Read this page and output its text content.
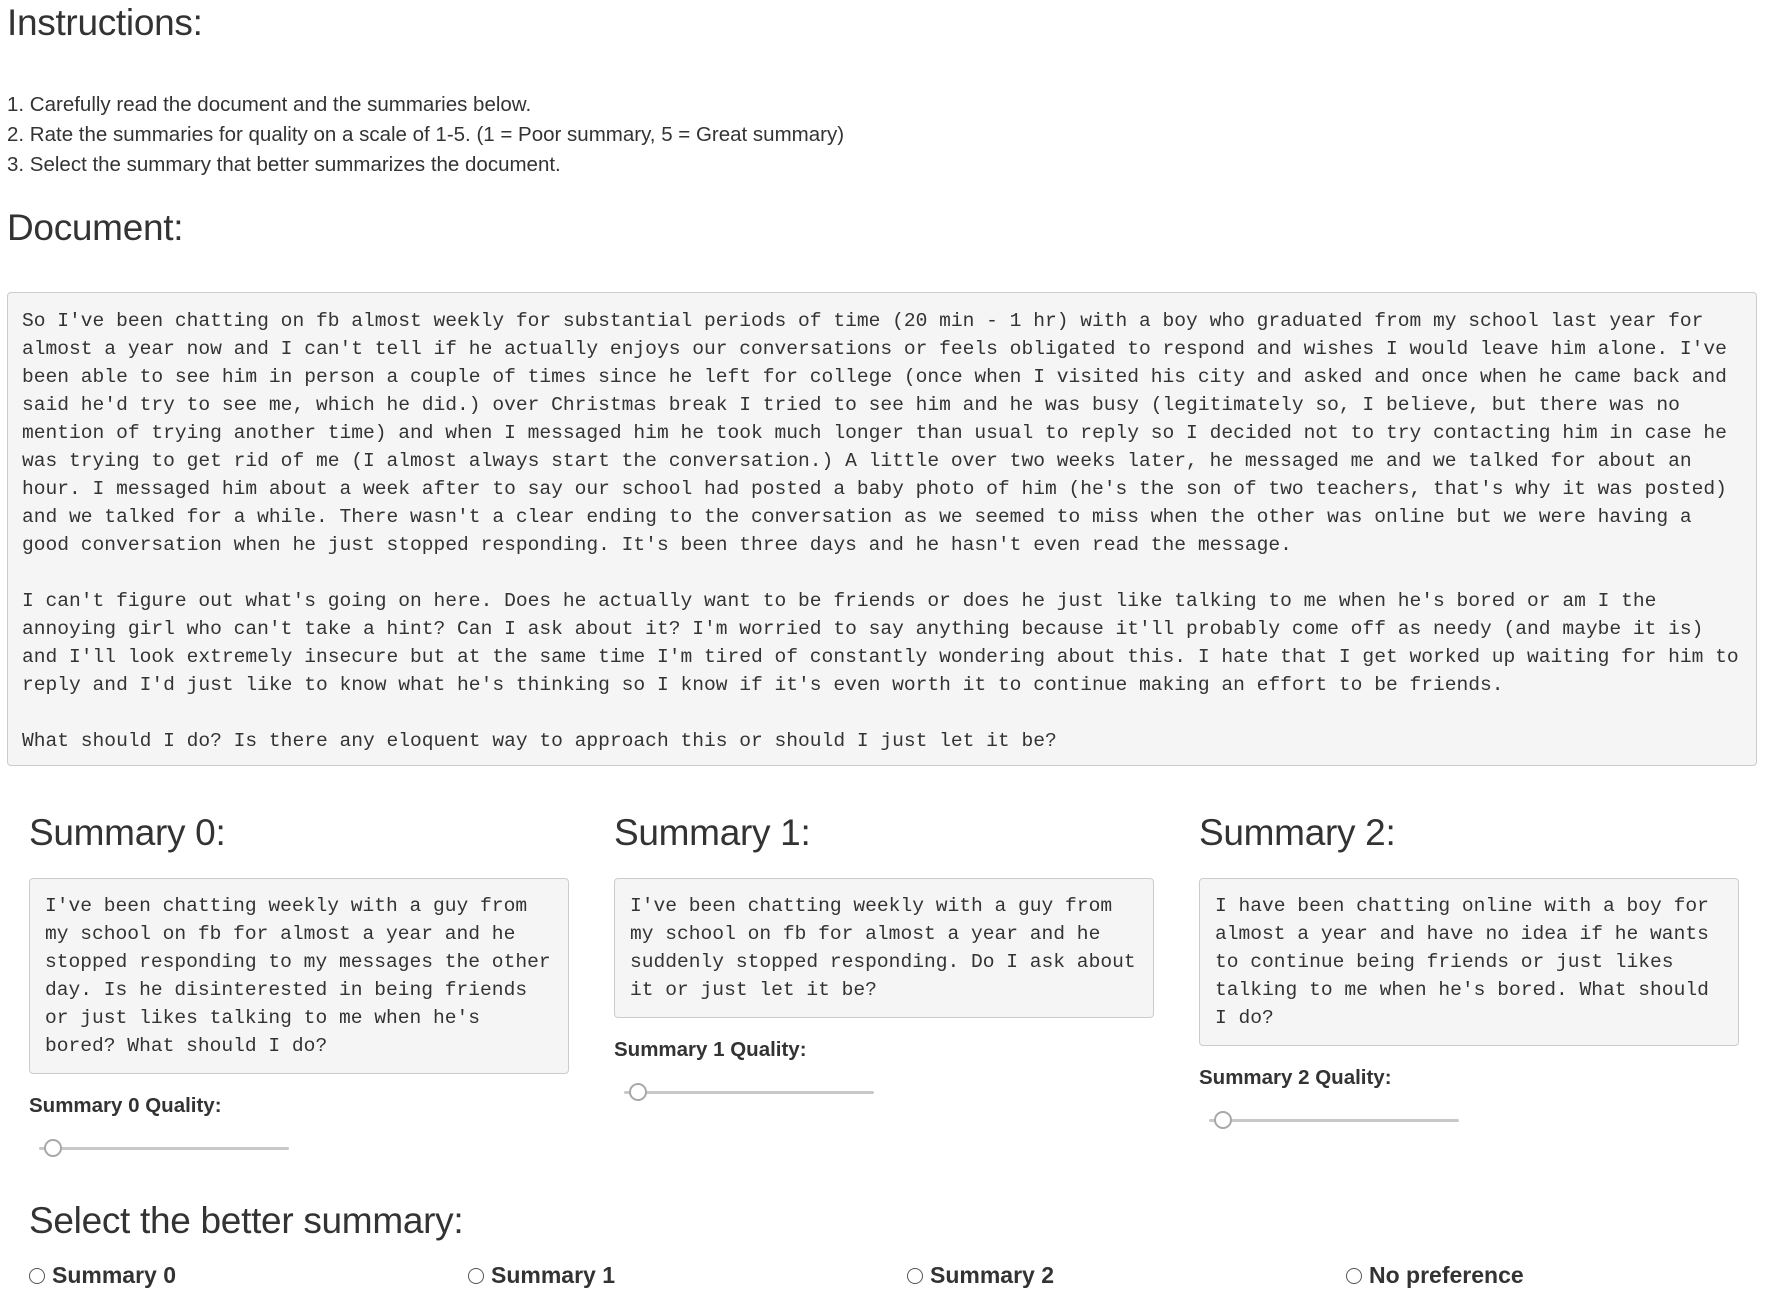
Instructions:
1. Carefully read the document and the summaries below.
2. Rate the summaries for quality on a scale of 1-5. (1 = Poor summary, 5 = Great summary)
3. Select the summary that better summarizes the document.
Document:
So I've been chatting on fb almost weekly for substantial periods of time (20 min - 1 hr) with a boy who graduated from my school last year for almost a year now and I can't tell if he actually enjoys our conversations or feels obligated to respond and wishes I would leave him alone. I've been able to see him in person a couple of times since he left for college (once when I visited his city and asked and once when he came back and said he'd try to see me, which he did.) over Christmas break I tried to see him and he was busy (legitimately so, I believe, but there was no mention of trying another time) and when I messaged him he took much longer than usual to reply so I decided not to try contacting him in case he was trying to get rid of me (I almost always start the conversation.) A little over two weeks later, he messaged me and we talked for about an hour. I messaged him about a week after to say our school had posted a baby photo of him (he's the son of two teachers, that's why it was posted) and we talked for a while. There wasn't a clear ending to the conversation as we seemed to miss when the other was online but we were having a good conversation when he just stopped responding. It's been three days and he hasn't even read the message.

I can't figure out what's going on here. Does he actually want to be friends or does he just like talking to me when he's bored or am I the annoying girl who can't take a hint? Can I ask about it? I'm worried to say anything because it'll probably come off as needy (and maybe it is) and I'll look extremely insecure but at the same time I'm tired of constantly wondering about this. I hate that I get worked up waiting for him to reply and I'd just like to know what he's thinking so I know if it's even worth it to continue making an effort to be friends.

What should I do? Is there any eloquent way to approach this or should I just let it be?
Summary 0:
I've been chatting weekly with a guy from my school on fb for almost a year and he stopped responding to my messages the other day. Is he disinterested in being friends or just likes talking to me when he's bored? What should I do?
Summary 0 Quality:
Summary 1:
I've been chatting weekly with a guy from my school on fb for almost a year and he suddenly stopped responding. Do I ask about it or just let it be?
Summary 1 Quality:
Summary 2:
I have been chatting online with a boy for almost a year and have no idea if he wants to continue being friends or just likes talking to me when he's bored. What should I do?
Summary 2 Quality:
Select the better summary:
Summary 0	Summary 1	Summary 2	No preference
